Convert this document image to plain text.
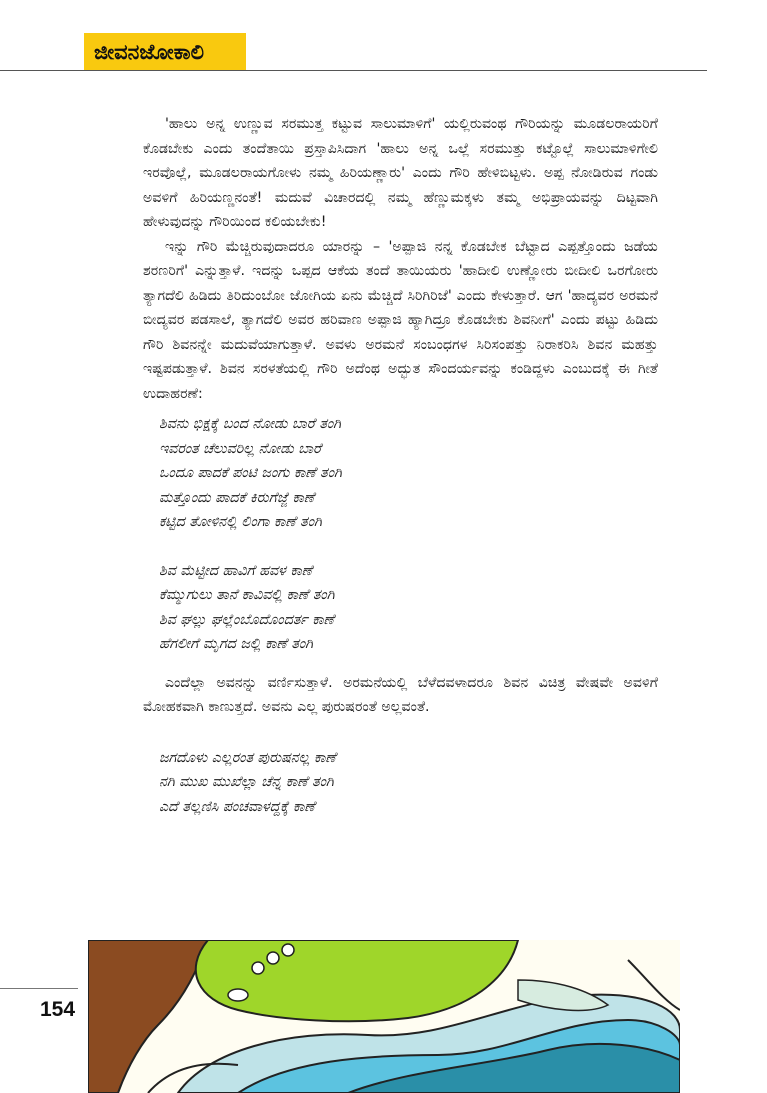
ಜೀವನಜೋಕಾಲಿ

'ಹಾಲು ಅನ್ನ ಉಣ್ಣುವ ಸರಮುತ್ತ ಕಟ್ಟುವ ಸಾಲುಮಾಳಿಗೆ' ಯಲ್ಲಿರುವಂಥ ಗೌರಿಯನ್ನು ಮೂಡಲರಾಯರಿಗೆ ಕೊಡಬೇಕು ಎಂದು ತಂದೆತಾಯಿ ಪ್ರಸ್ತಾಪಿಸಿದಾಗ 'ಹಾಲು ಅನ್ನ ಒಲ್ಲೆ ಸರಮುತ್ತು ಕಟ್ಟೊಲ್ಲೆ ಸಾಲುಮಾಳಿಗೇಲಿ ಇರವೊಲ್ಲೆ, ಮೂಡಲರಾಯಗೋಳು ನಮ್ಮ ಹಿರಿಯಣ್ಣಾರು' ಎಂದು ಗೌರಿ ಹೇಳಿಬಿಟ್ಟಳು. ಅಪ್ಪ ನೋಡಿರುವ ಗಂಡು ಅವಳಿಗೆ ಹಿರಿಯಣ್ಣನಂತೆ! ಮದುವೆ ವಿಚಾರದಲ್ಲಿ ನಮ್ಮ ಹೆಣ್ಣುಮಕ್ಕಳು ತಮ್ಮ ಅಭಿಪ್ರಾಯವನ್ನು ದಿಟ್ಟವಾಗಿ ಹೇಳುವುದನ್ನು ಗೌರಿಯಿಂದ ಕಲಿಯಬೇಕು!

ಇನ್ನು ಗೌರಿ ಮೆಚ್ಚಿರುವುದಾದರೂ ಯಾರನ್ನು – 'ಅಪ್ಪಾಜಿ ನನ್ನ ಕೊಡಬೇಕ ಬೆಟ್ಟಾದ ಎಪ್ಪತ್ತೊಂದು ಜಡೆಯ ಶರಣರಿಗೆ' ಎನ್ನುತ್ತಾಳೆ. ಇದನ್ನು ಒಪ್ಪದ ಆಕೆಯ ತಂದೆ ತಾಯಿಯರು 'ಹಾದೀಲಿ ಉಣ್ಣೋರು ಬೀದೀಲಿ ಒರಗೋರು ತ್ಯಾಗದೆಲಿ ಹಿಡಿದು ತಿರಿದುಂಬೋ ಜೋಗಿಯ ಏನು ಮೆಚ್ಚಿದೆ ಸಿರಿಗಿರಿಜೆ' ಎಂದು ಕೇಳುತ್ತಾರೆ. ಆಗ 'ಹಾದ್ಯವರ ಅರಮನೆ ಬೀದ್ಯವರ ಪಡಸಾಲೆ, ತ್ಯಾಗದೆಲಿ ಅವರ ಹರಿವಾಣ ಅಪ್ಪಾಜಿ ಹ್ಯಾಗಿದ್ರೂ ಕೊಡಬೇಕು ಶಿವನೀಗೆ' ಎಂದು ಪಟ್ಟು ಹಿಡಿದು ಗೌರಿ ಶಿವನನ್ನೇ ಮದುವೆಯಾಗುತ್ತಾಳೆ. ಅವಳು ಅರಮನೆ ಸಂಬಂಧಗಳ ಸಿರಿಸಂಪತ್ತು ನಿರಾಕರಿಸಿ ಶಿವನ ಮಹತ್ತು ಇಷ್ಟಪಡುತ್ತಾಳೆ. ಶಿವನ ಸರಳತೆಯಲ್ಲಿ ಗೌರಿ ಅದೆಂಥ ಅದ್ಭುತ ಸೌಂದರ್ಯವನ್ನು ಕಂಡಿದ್ದಳು ಎಂಬುದಕ್ಕೆ ಈ ಗೀತೆ ಉದಾಹರಣೆ:

ಶಿವನು ಭಿಕ್ಷಕ್ಕೆ ಬಂದ ನೋಡು ಬಾರೆ ತಂಗಿ
ಇವರಂತ ಚೆಲುವರಿಲ್ಲ ನೋಡು ಬಾರೆ
ಒಂದೂ ಪಾದಕೆ ಪಂಟಿ ಜಂಗು ಕಾಣೆ ತಂಗಿ
ಮತ್ತೊಂದು ಪಾದಕೆ ಕಿರುಗೆಜ್ಜೆ ಕಾಣೆ
ಕಟ್ಟಿದ ತೋಳಿನಲ್ಲಿ ಲಿಂಗಾ ಕಾಣೆ ತಂಗಿ
ಶಿವ ಮೆಟ್ಟೀದ ಹಾವಿಗೆ ಹವಳ ಕಾಣೆ
ಕೆಮ್ಮುಗುಲು ತಾನೆ ಕಾವಿವಲ್ಲಿ ಕಾಣೆ ತಂಗಿ
ಶಿವ ಘಲ್ಲು ಘಲ್ಲೆಂಬೊದೊಂದರ್ತ ಕಾಣೆ
ಹೆಗಲೀಗೆ ಮೃಗದ ಜಲ್ಲಿ ಕಾಣೆ ತಂಗಿ

ಎಂದೆಲ್ಲಾ ಅವನನ್ನು ವರ್ಣಿಸುತ್ತಾಳೆ. ಅರಮನೆಯಲ್ಲಿ ಬೆಳೆದವಳಾದರೂ ಶಿವನ ವಿಚಿತ್ರ ವೇಷವೇ ಅವಳಿಗೆ ಮೋಹಕವಾಗಿ ಕಾಣುತ್ತದೆ. ಅವನು ಎಲ್ಲ ಪುರುಷರಂತೆ ಅಲ್ಲವಂತೆ.

ಜಗದೊಳು ಎಲ್ಲರಂತ ಪುರುಷನಲ್ಲ ಕಾಣೆ
ನಗಿ ಮುಖ ಮುಖೆಲ್ಲಾ ಚೆನ್ನ ಕಾಣೆ ತಂಗಿ
ಎದೆ ತಲ್ಲಣಿಸಿ ಪಂಚವಾಳದ್ದಕ್ಕೆ ಕಾಣೆ
154
